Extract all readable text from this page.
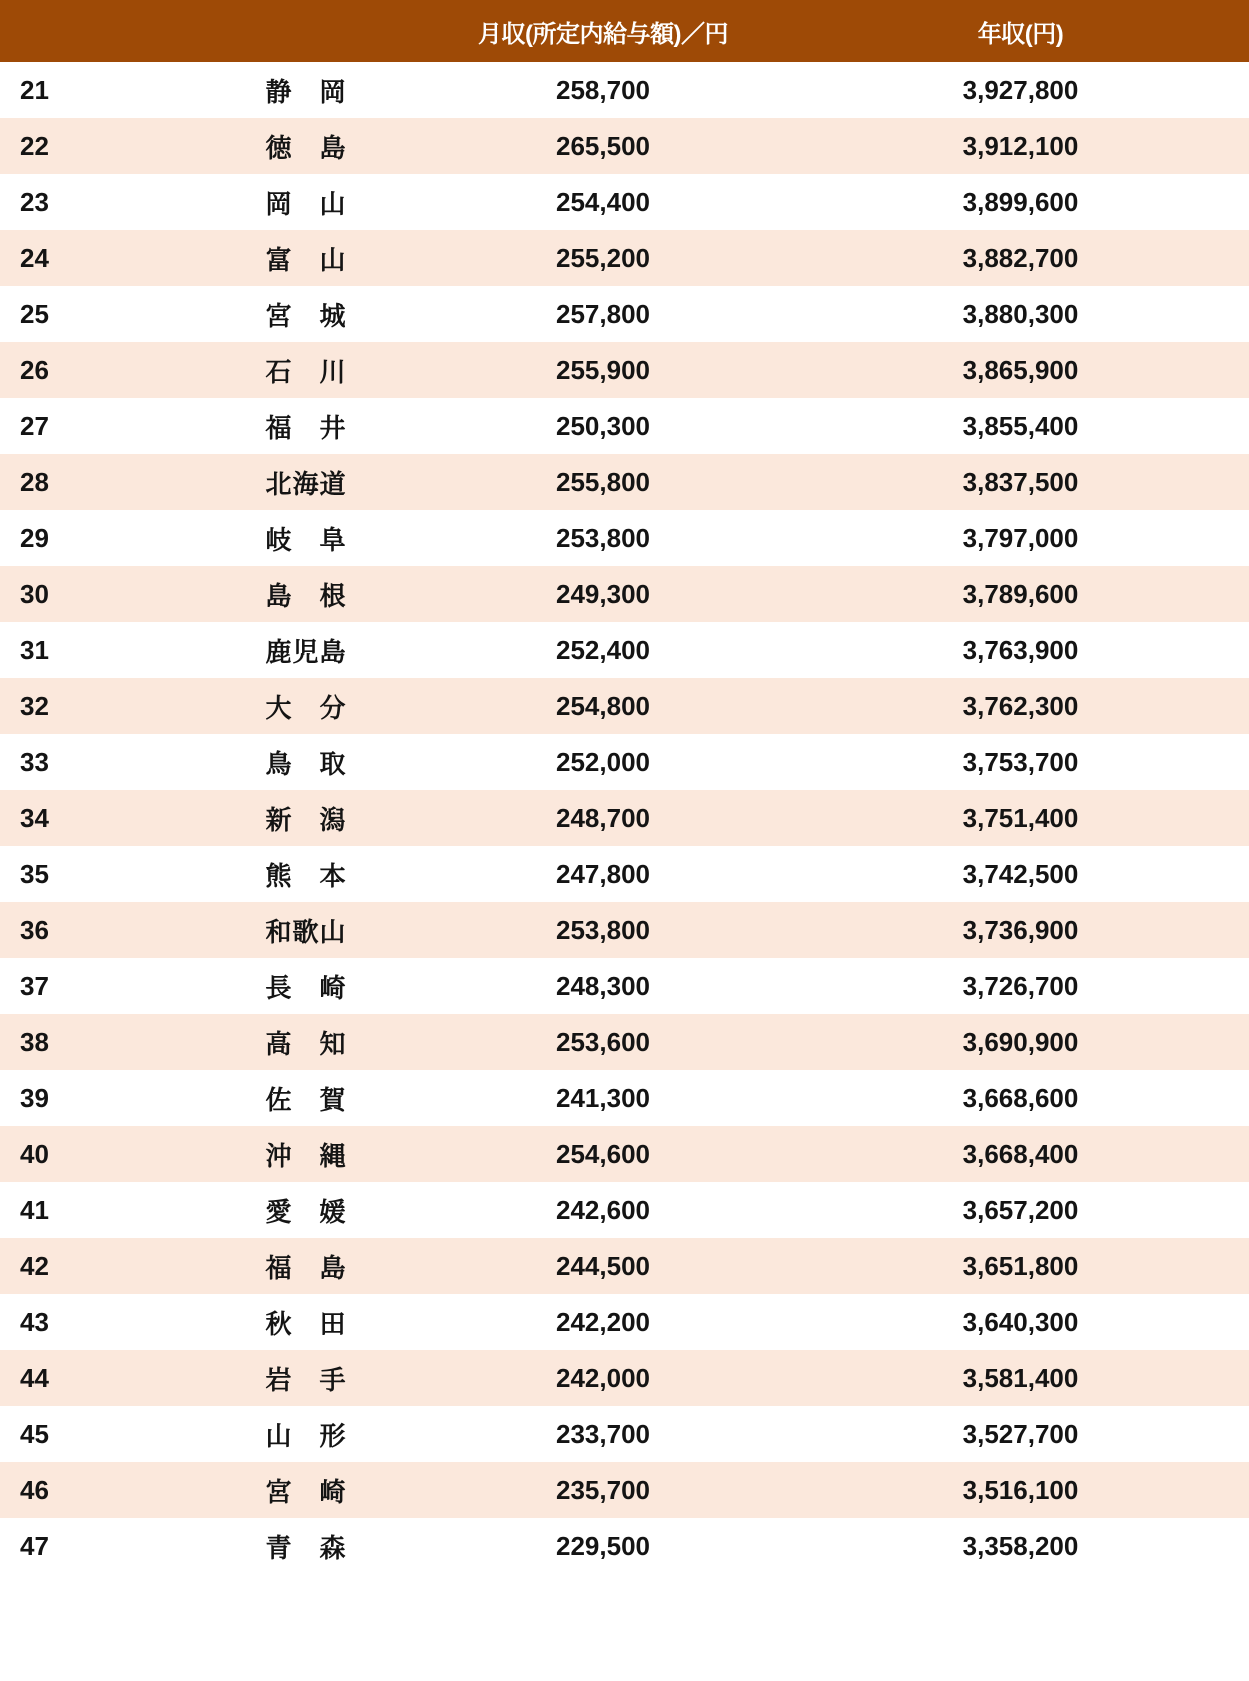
		月収(所定内給与額)／円	年収(円)
21	静　岡	258,700	3,927,800
22	徳　島	265,500	3,912,100
23	岡　山	254,400	3,899,600
24	富　山	255,200	3,882,700
25	宮　城	257,800	3,880,300
26	石　川	255,900	3,865,900
27	福　井	250,300	3,855,400
28	北海道	255,800	3,837,500
29	岐　阜	253,800	3,797,000
30	島　根	249,300	3,789,600
31	鹿児島	252,400	3,763,900
32	大　分	254,800	3,762,300
33	鳥　取	252,000	3,753,700
34	新　潟	248,700	3,751,400
35	熊　本	247,800	3,742,500
36	和歌山	253,800	3,736,900
37	長　崎	248,300	3,726,700
38	高　知	253,600	3,690,900
39	佐　賀	241,300	3,668,600
40	沖　縄	254,600	3,668,400
41	愛　媛	242,600	3,657,200
42	福　島	244,500	3,651,800
43	秋　田	242,200	3,640,300
44	岩　手	242,000	3,581,400
45	山　形	233,700	3,527,700
46	宮　崎	235,700	3,516,100
47	青　森	229,500	3,358,200
